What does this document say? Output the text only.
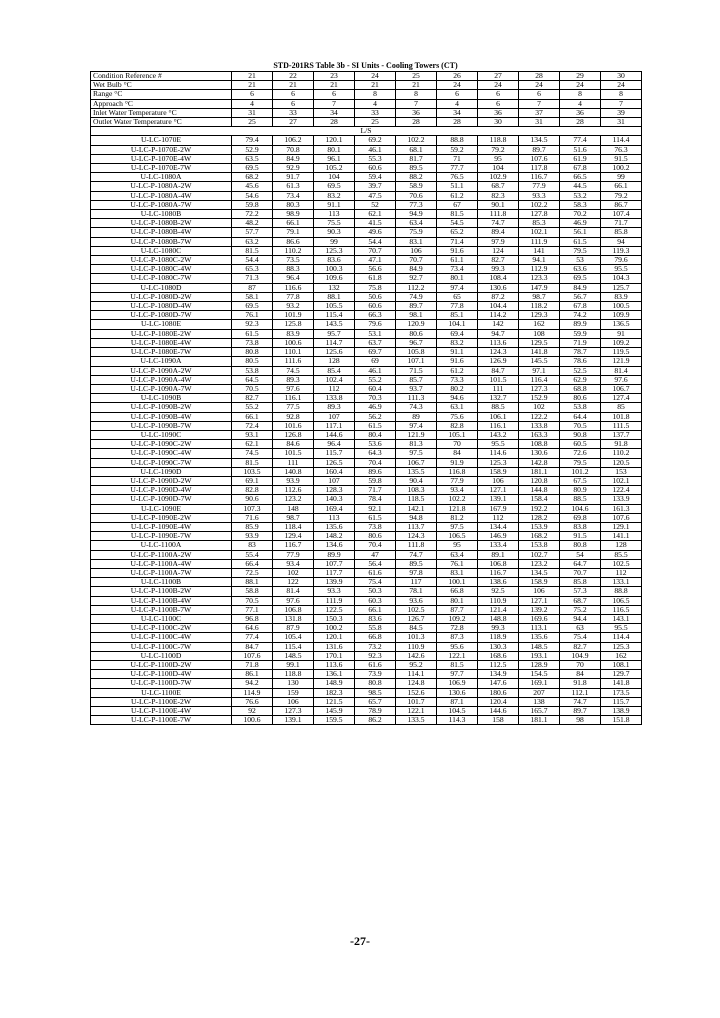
STD-201RS Table 3b - SI Units - Cooling Towers (CT)
Condition Reference #	21	22	23	24	25	26	27	28	29	30
Wet Bulb °C	21	21	21	21	21	24	24	24	24	24
Range °C	6	6	6	8	8	6	6	6	8	8
Approach °C	4	6	7	4	7	4	6	7	4	7
Inlet Water Temperature °C	31	33	34	33	36	34	36	37	36	39
Outlet Water Temperature °C	25	27	28	25	28	28	30	31	28	31
L/S										
U-LC-1070E	79.4	106.2	120.1	69.2	102.2	88.8	118.8	134.5	77.4	114.4
U-LC-P-1070E-2W	52.9	70.8	80.1	46.1	68.1	59.2	79.2	89.7	51.6	76.3
U-LC-P-1070E-4W	63.5	84.9	96.1	55.3	81.7	71	95	107.6	61.9	91.5
U-LC-P-1070E-7W	69.5	92.9	105.2	60.6	89.5	77.7	104	117.8	67.8	100.2
U-LC-1080A	68.2	91.7	104	59.4	88.2	76.5	102.9	116.7	66.5	99
U-LC-P-1080A-2W	45.6	61.3	69.5	39.7	58.9	51.1	68.7	77.9	44.5	66.1
U-LC-P-1080A-4W	54.6	73.4	83.2	47.5	70.6	61.2	82.3	93.3	53.2	79.2
U-LC-P-1080A-7W	59.8	80.3	91.1	52	77.3	67	90.1	102.2	58.3	86.7
U-LC-1080B	72.2	98.9	113	62.1	94.9	81.5	111.8	127.8	70.2	107.4
U-LC-P-1080B-2W	48.2	66.1	75.5	41.5	63.4	54.5	74.7	85.3	46.9	71.7
U-LC-P-1080B-4W	57.7	79.1	90.3	49.6	75.9	65.2	89.4	102.1	56.1	85.8
U-LC-P-1080B-7W	63.2	86.6	99	54.4	83.1	71.4	97.9	111.9	61.5	94
U-LC-1080C	81.5	110.2	125.3	70.7	106	91.6	124	141	79.5	119.3
U-LC-P-1080C-2W	54.4	73.5	83.6	47.1	70.7	61.1	82.7	94.1	53	79.6
U-LC-P-1080C-4W	65.3	88.3	100.3	56.6	84.9	73.4	99.3	112.9	63.6	95.5
U-LC-P-1080C-7W	71.3	96.4	109.6	61.8	92.7	80.1	108.4	123.3	69.5	104.3
U-LC-1080D	87	116.6	132	75.8	112.2	97.4	130.6	147.9	84.9	125.7
U-LC-P-1080D-2W	58.1	77.8	88.1	50.6	74.9	65	87.2	98.7	56.7	83.9
U-LC-P-1080D-4W	69.5	93.2	105.5	60.6	89.7	77.8	104.4	118.2	67.8	100.5
U-LC-P-1080D-7W	76.1	101.9	115.4	66.3	98.1	85.1	114.2	129.3	74.2	109.9
U-LC-1080E	92.3	125.8	143.5	79.6	120.9	104.1	142	162	89.9	136.5
U-LC-P-1080E-2W	61.5	83.9	95.7	53.1	80.6	69.4	94.7	108	59.9	91
U-LC-P-1080E-4W	73.8	100.6	114.7	63.7	96.7	83.2	113.6	129.5	71.9	109.2
U-LC-P-1080E-7W	80.8	110.1	125.6	69.7	105.8	91.1	124.3	141.8	78.7	119.5
U-LC-1090A	80.5	111.6	128	69	107.1	91.6	126.9	145.5	78.6	121.9
U-LC-P-1090A-2W	53.8	74.5	85.4	46.1	71.5	61.2	84.7	97.1	52.5	81.4
U-LC-P-1090A-4W	64.5	89.3	102.4	55.2	85.7	73.3	101.5	116.4	62.9	97.6
U-LC-P-1090A-7W	70.5	97.6	112	60.4	93.7	80.2	111	127.3	68.8	106.7
U-LC-1090B	82.7	116.1	133.8	70.3	111.3	94.6	132.7	152.9	80.6	127.4
U-LC-P-1090B-2W	55.2	77.5	89.3	46.9	74.3	63.1	88.5	102	53.8	85
U-LC-P-1090B-4W	66.1	92.8	107	56.2	89	75.6	106.1	122.2	64.4	101.8
U-LC-P-1090B-7W	72.4	101.6	117.1	61.5	97.4	82.8	116.1	133.8	70.5	111.5
U-LC-1090C	93.1	126.8	144.6	80.4	121.9	105.1	143.2	163.3	90.8	137.7
U-LC-P-1090C-2W	62.1	84.6	96.4	53.6	81.3	70	95.5	108.8	60.5	91.8
U-LC-P-1090C-4W	74.5	101.5	115.7	64.3	97.5	84	114.6	130.6	72.6	110.2
U-LC-P-1090C-7W	81.5	111	126.5	70.4	106.7	91.9	125.3	142.8	79.5	120.5
U-LC-1090D	103.5	140.8	160.4	89.6	135.5	116.8	158.9	181.1	101.2	153
U-LC-P-1090D-2W	69.1	93.9	107	59.8	90.4	77.9	106	120.8	67.5	102.1
U-LC-P-1090D-4W	82.8	112.6	128.3	71.7	108.3	93.4	127.1	144.8	80.9	122.4
U-LC-P-1090D-7W	90.6	123.2	140.3	78.4	118.5	102.2	139.1	158.4	88.5	133.9
U-LC-1090E	107.3	148	169.4	92.1	142.1	121.8	167.9	192.2	104.6	161.3
U-LC-P-1090E-2W	71.6	98.7	113	61.5	94.8	81.2	112	128.2	69.8	107.6
U-LC-P-1090E-4W	85.9	118.4	135.6	73.8	113.7	97.5	134.4	153.9	83.8	129.1
U-LC-P-1090E-7W	93.9	129.4	148.2	80.6	124.3	106.5	146.9	168.2	91.5	141.1
U-LC-1100A	83	116.7	134.6	70.4	111.8	95	133.4	153.8	80.8	128
U-LC-P-1100A-2W	55.4	77.9	89.9	47	74.7	63.4	89.1	102.7	54	85.5
U-LC-P-1100A-4W	66.4	93.4	107.7	56.4	89.5	76.1	106.8	123.2	64.7	102.5
U-LC-P-1100A-7W	72.5	102	117.7	61.6	97.8	83.1	116.7	134.5	70.7	112
U-LC-1100B	88.1	122	139.9	75.4	117	100.1	138.6	158.9	85.8	133.1
U-LC-P-1100B-2W	58.8	81.4	93.3	50.3	78.1	66.8	92.5	106	57.3	88.8
U-LC-P-1100B-4W	70.5	97.6	111.9	60.3	93.6	80.1	110.9	127.1	68.7	106.5
U-LC-P-1100B-7W	77.1	106.8	122.5	66.1	102.5	87.7	121.4	139.2	75.2	116.5
U-LC-1100C	96.8	131.8	150.3	83.6	126.7	109.2	148.8	169.6	94.4	143.1
U-LC-P-1100C-2W	64.6	87.9	100.2	55.8	84.5	72.8	99.3	113.1	63	95.5
U-LC-P-1100C-4W	77.4	105.4	120.1	66.8	101.3	87.3	118.9	135.6	75.4	114.4
U-LC-P-1100C-7W	84.7	115.4	131.6	73.2	110.9	95.6	130.3	148.5	82.7	125.3
U-LC-1100D	107.6	148.5	170.1	92.3	142.6	122.1	168.6	193.1	104.9	162
U-LC-P-1100D-2W	71.8	99.1	113.6	61.6	95.2	81.5	112.5	128.9	70	108.1
U-LC-P-1100D-4W	86.1	118.8	136.1	73.9	114.1	97.7	134.9	154.5	84	129.7
U-LC-P-1100D-7W	94.2	130	148.9	80.8	124.8	106.9	147.6	169.1	91.8	141.8
U-LC-1100E	114.9	159	182.3	98.5	152.6	130.6	180.6	207	112.1	173.5
U-LC-P-1100E-2W	76.6	106	121.5	65.7	101.7	87.1	120.4	138	74.7	115.7
U-LC-P-1100E-4W	92	127.3	145.9	78.9	122.1	104.5	144.6	165.7	89.7	138.9
U-LC-P-1100E-7W	100.6	139.1	159.5	86.2	133.5	114.3	158	181.1	98	151.8
-27-
